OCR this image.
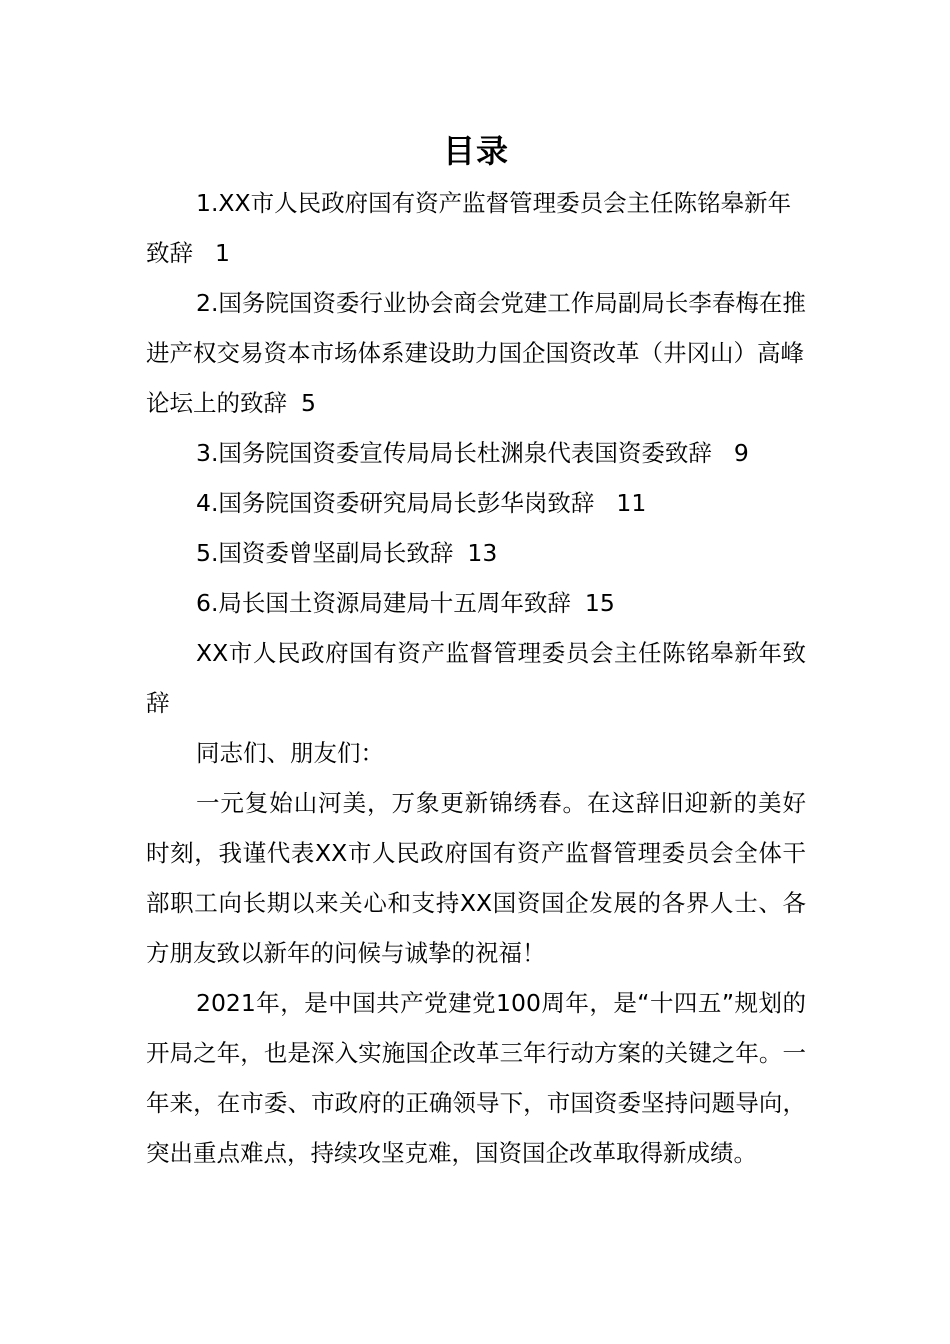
目录

1.XX市人民政府国有资产监督管理委员会主任陈铭皋新年致辞 1

2.国务院国资委行业协会商会党建工作局副局长李春梅在推进产权交易资本市场体系建设助力国企国资改革（井冈山）高峰论坛上的致辞 5

3.国务院国资委宣传局局长杜渊泉代表国资委致辞 9

4.国务院国资委研究局局长彭华岗致辞 11

5.国资委曾坚副局长致辞 13

6.局长国土资源局建局十五周年致辞 15

XX市人民政府国有资产监督管理委员会主任陈铭皋新年致辞

同志们、朋友们：

一元复始山河美，万象更新锦绣春。在这辞旧迎新的美好时刻，我谨代表XX市人民政府国有资产监督管理委员会全体干部职工向长期以来关心和支持XX国资国企发展的各界人士、各方朋友致以新年的问候与诚挚的祝福！

2021年，是中国共产党建党100周年，是“十四五”规划的开局之年，也是深入实施国企改革三年行动方案的关键之年。一年来，在市委、市政府的正确领导下，市国资委坚持问题导向，突出重点难点，持续攻坚克难，国资国企改革取得新成绩。
